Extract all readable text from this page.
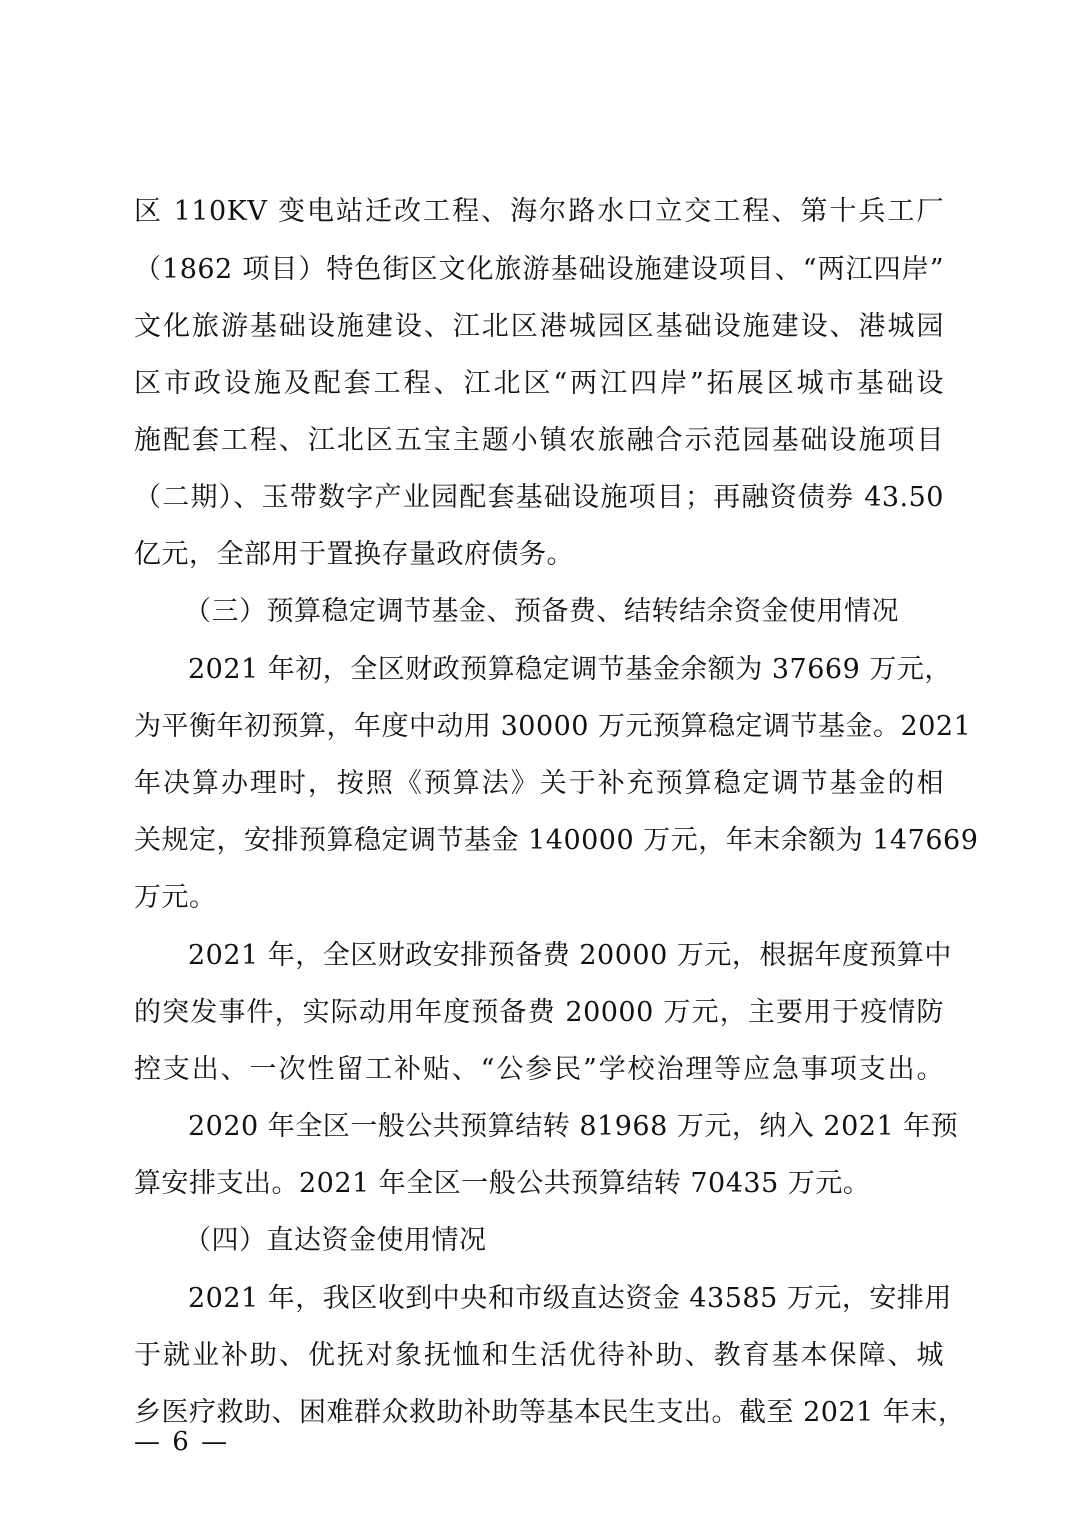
区 110KV 变电站迁改工程、海尔路水口立交工程、第十兵工厂
（1862 项目）特色街区文化旅游基础设施建设项目、“两江四岸”
文化旅游基础设施建设、江北区港城园区基础设施建设、港城园
区市政设施及配套工程、江北区“两江四岸”拓展区城市基础设
施配套工程、江北区五宝主题小镇农旅融合示范园基础设施项目
（二期）、玉带数字产业园配套基础设施项目；再融资债券 43.50
亿元，全部用于置换存量政府债务。
（三）预算稳定调节基金、预备费、结转结余资金使用情况
2021 年初，全区财政预算稳定调节基金余额为 37669 万元，
为平衡年初预算，年度中动用 30000 万元预算稳定调节基金。2021
年决算办理时，按照《预算法》关于补充预算稳定调节基金的相
关规定，安排预算稳定调节基金 140000 万元，年末余额为 147669
万元。
2021 年，全区财政安排预备费 20000 万元，根据年度预算中
的突发事件，实际动用年度预备费 20000 万元，主要用于疫情防
控支出、一次性留工补贴、“公参民”学校治理等应急事项支出。
2020 年全区一般公共预算结转 81968 万元，纳入 2021 年预
算安排支出。2021 年全区一般公共预算结转 70435 万元。
（四）直达资金使用情况
2021 年，我区收到中央和市级直达资金 43585 万元，安排用
于就业补助、优抚对象抚恤和生活优待补助、教育基本保障、城
乡医疗救助、困难群众救助补助等基本民生支出。截至 2021 年末，
— 6 —
